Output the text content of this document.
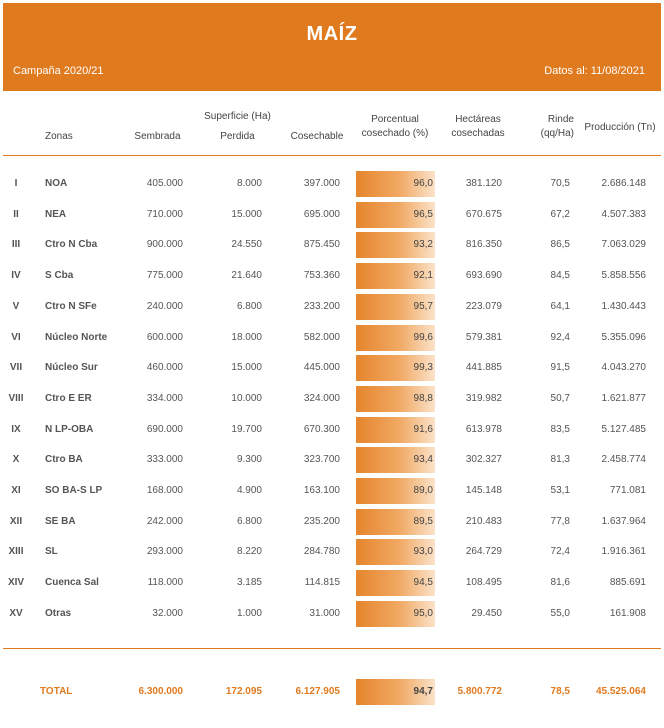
MAÍZ
Campaña 2020/21	Datos al: 11/08/2021
Zonas
Superficie (Ha)
Sembrada	Perdida	Cosechable
Porcentual
cosechado (%)
Hectáreas
cosechadas
Rinde
(qq/Ha)
Producción (Tn)
I	NOA	405.000	8.000	397.000	96,0	381.120	70,5	2.686.148
II	NEA	710.000	15.000	695.000	96,5	670.675	67,2	4.507.383
III	Ctro N Cba	900.000	24.550	875.450	93,2	816.350	86,5	7.063.029
IV	S Cba	775.000	21.640	753.360	92,1	693.690	84,5	5.858.556
V	Ctro N SFe	240.000	6.800	233.200	95,7	223.079	64,1	1.430.443
VI	Núcleo Norte	600.000	18.000	582.000	99,6	579.381	92,4	5.355.096
VII	Núcleo Sur	460.000	15.000	445.000	99,3	441.885	91,5	4.043.270
VIII	Ctro E ER	334.000	10.000	324.000	98,8	319.982	50,7	1.621.877
IX	N LP-OBA	690.000	19.700	670.300	91,6	613.978	83,5	5.127.485
X	Ctro BA	333.000	9.300	323.700	93,4	302.327	81,3	2.458.774
XI	SO BA-S LP	168.000	4.900	163.100	89,0	145.148	53,1	771.081
XII	SE BA	242.000	6.800	235.200	89,5	210.483	77,8	1.637.964
XIII	SL	293.000	8.220	284.780	93,0	264.729	72,4	1.916.361
XIV	Cuenca Sal	118.000	3.185	114.815	94,5	108.495	81,6	885.691
XV	Otras	32.000	1.000	31.000	95,0	29.450	55,0	161.908
TOTAL	6.300.000	172.095	6.127.905	94,7	5.800.772	78,5	45.525.064
